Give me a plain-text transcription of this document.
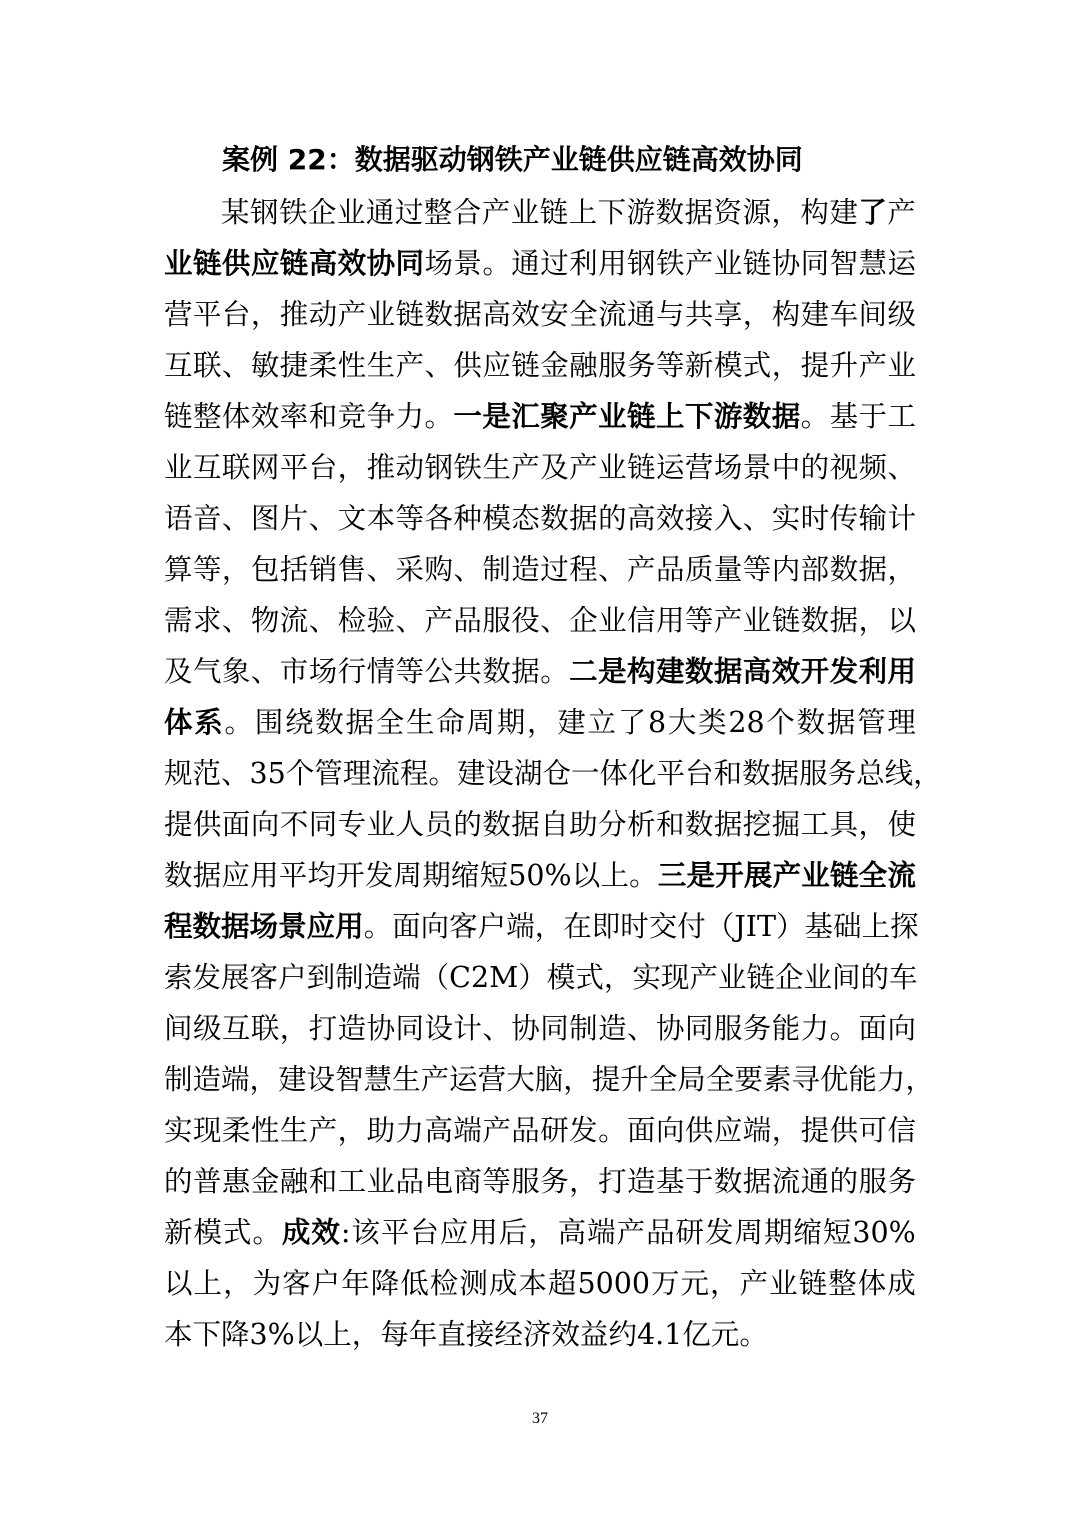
案例 22：数据驱动钢铁产业链供应链高效协同
某 钢 铁 企 业 通 过 整 合 产 业 链 上 下 游 数 据 资 源 ， 构 建 了 产
业 链 供 应 链 高 效 协 同 场 景 。 通 过 利 用 钢 铁 产 业 链 协 同 智 慧 运
营 平 台 ， 推 动 产 业 链 数 据 高 效 安 全 流 通 与 共 享 ， 构 建 车 间 级
互 联 、 敏 捷 柔 性 生 产 、 供 应 链 金 融 服 务 等 新 模 式 ， 提 升 产 业
链 整 体 效 率 和 竞 争 力 。 一 是 汇 聚 产 业 链 上 下 游 数 据 。 基 于 工
业 互 联 网 平 台 ， 推 动 钢 铁 生 产 及 产 业 链 运 营 场 景 中 的 视 频 、
语 音 、 图 片 、 文 本 等 各 种 模 态 数 据 的 高 效 接 入 、 实 时 传 输 计
算 等 ， 包 括 销 售 、 采 购 、 制 造 过 程 、 产 品 质 量 等 内 部 数 据 ，
需 求 、 物 流 、 检 验 、 产 品 服 役 、 企 业 信 用 等 产 业 链 数 据 ， 以
及 气 象 、 市 场 行 情 等 公 共 数 据 。 二 是 构 建 数 据 高 效 开 发 利 用
体 系 。 围 绕 数 据 全 生 命 周 期 ， 建 立 了 8 大 类 28 个 数 据 管 理
规 范 、 35 个 管 理 流 程 。 建 设 湖 仓 一 体 化 平 台 和 数 据 服 务 总 线 ，
提 供 面 向 不 同 专 业 人 员 的 数 据 自 助 分 析 和 数 据 挖 掘 工 具 ， 使
数 据 应 用 平 均 开 发 周 期 缩 短 50% 以 上 。 三 是 开 展 产 业 链 全 流
程 数 据 场 景 应 用 。 面 向 客 户 端 ， 在 即 时 交 付 （ JIT ） 基 础 上 探
索 发 展 客 户 到 制 造 端 （ C2M ） 模 式 ， 实 现 产 业 链 企 业 间 的 车
间 级 互 联 ， 打 造 协 同 设 计 、 协 同 制 造 、 协 同 服 务 能 力 。 面 向
制 造 端 ， 建 设 智 慧 生 产 运 营 大 脑 ， 提 升 全 局 全 要 素 寻 优 能 力 ，
实 现 柔 性 生 产 ， 助 力 高 端 产 品 研 发 。 面 向 供 应 端 ， 提 供 可 信
的 普 惠 金 融 和 工 业 品 电 商 等 服 务 ， 打 造 基 于 数 据 流 通 的 服 务
新 模 式 。 成 效 : 该 平 台 应 用 后 ， 高 端 产 品 研 发 周 期 缩 短 30%
以 上 ， 为 客 户 年 降 低 检 测 成 本 超 5000 万 元 ， 产 业 链 整 体 成
本 下 降 3% 以 上 ， 每 年 直 接 经 济 效 益 约 4.1 亿 元 。
37
